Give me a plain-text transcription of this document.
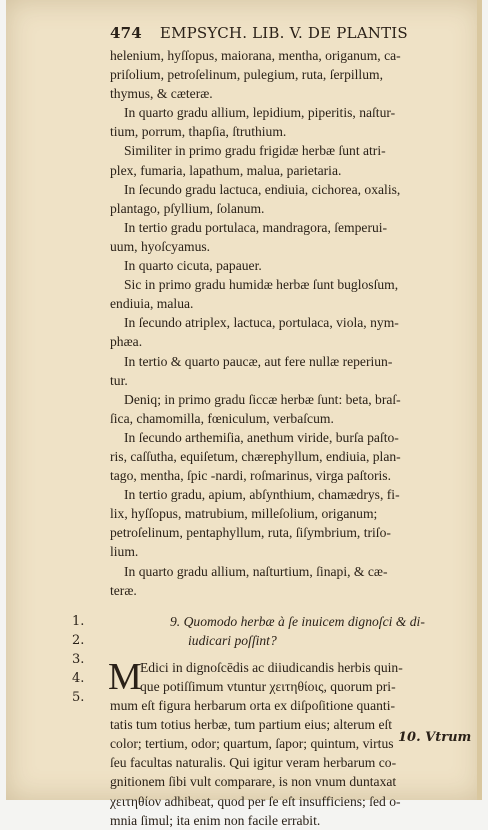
474 EMPSYCH. LIB. V. DE PLANTIS
helenium, hyſſopus, maiorana, mentha, origanum, ca-
priſolium, petroſelinum, pulegium, ruta, ſerpillum,
thymus, & cæteræ.
In quarto gradu allium, lepidium, piperitis, naſtur-
tium, porrum, thapſia, ſtruthium.
Similiter in primo gradu frigidæ herbæ ſunt atri-
plex, fumaria, lapathum, malua, parietaria.
In ſecundo gradu lactuca, endiuia, cichorea, oxalis,
plantago, pſyllium, ſolanum.
In tertio gradu portulaca, mandragora, ſemperui-
uum, hyoſcyamus.
In quarto cicuta, papauer.
Sic in primo gradu humidæ herbæ ſunt buglosſum,
endiuia, malua.
In ſecundo atriplex, lactuca, portulaca, viola, nym-
phæa.
In tertio & quarto paucæ, aut fere nullæ reperiun-
tur.
Deniq; in primo gradu ſiccæ herbæ ſunt: beta, braſ-
ſica, chamomilla, fœniculum, verbaſcum.
In ſecundo arthemiſia, anethum viride, burſa paſto-
ris, caſſutha, equiſetum, chærephyllum, endiuia, plan-
tago, mentha, ſpic -nardi, roſmarinus, virga paſtoris.
In tertio gradu, apium, abſynthium, chamædrys, fi-
lix, hyſſopus, matrubium, milleſolium, origanum;
petroſelinum, pentaphyllum, ruta, ſiſymbrium, triſo-
lium.
In quarto gradu allium, naſturtium, ſinapi, & cæ-
teræ.
9. Quomodo herbæ à ſe inuicem dignoſci & di-
iudicari poſſint?
M
Edici in dignoſcēdis ac diiudicandis herbis quin-
que potiſſimum vtuntur χειτηθίοις, quorum pri-
mum eſt figura herbarum orta ex diſpoſitione quanti-
tatis tum totius herbæ, tum partium eius; alterum eſt
color; tertium, odor; quartum, ſapor; quintum, virtus
ſeu facultas naturalis. Qui igitur veram herbarum co-
gnitionem ſibi vult comparare, is non vnum duntaxat
χειτηθίον adhibeat, quod per ſe eſt insufficiens; ſed o-
mnia ſimul; ita enim non facile errabit.
1.
2.
3.
4.
5.
10. Vtrum
